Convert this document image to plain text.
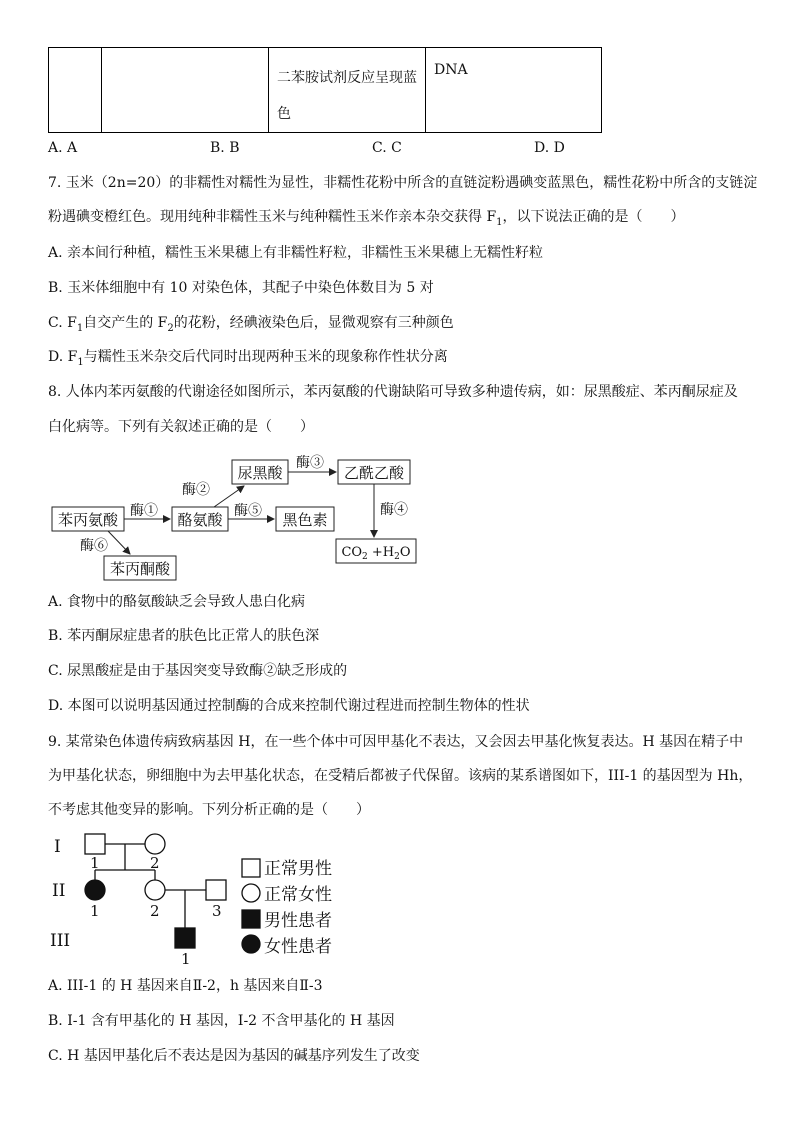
二苯胺试剂反应呈现蓝
色

DNA
A. A	B. B	C. C	D. D
7. 玉米（2n=20）的非糯性对糯性为显性，非糯性花粉中所含的直链淀粉遇碘变蓝黑色，糯性花粉中所含的支链淀
粉遇碘变橙红色。现用纯种非糯性玉米与纯种糯性玉米作亲本杂交获得 $F_1$，以下说法正确的是（　　）
A. 亲本间行种植，糯性玉米果穗上有非糯性籽粒，非糯性玉米果穗上无糯性籽粒
B. 玉米体细胞中有 10 对染色体，其配子中染色体数目为 5 对
C. $F_1$自交产生的 $F_2$的花粉，经碘液染色后，显微观察有三种颜色
D. $F_1$与糯性玉米杂交后代同时出现两种玉米的现象称作性状分离
8. 人体内苯丙氨酸的代谢途径如图所示，苯丙氨酸的代谢缺陷可导致多种遗传病，如：尿黑酸症、苯丙酮尿症及
白化病等。下列有关叙述正确的是（　　）
苯丙氨酸	酪氨酸
尿黑酸	乙酰乙酸
黑色素
苯丙酮酸
$CO_2 +H_2O$
酶①
酶②
酶③
酶④
酶⑤
酶⑥
A. 食物中的酪氨酸缺乏会导致人患白化病
B. 苯丙酮尿症患者的肤色比正常人的肤色深
C. 尿黑酸症是由于基因突变导致酶②缺乏形成的
D. 本图可以说明基因通过控制酶的合成来控制代谢过程进而控制生物体的性状
9. 某常染色体遗传病致病基因 H，在一些个体中可因甲基化不表达，又会因去甲基化恢复表达。H 基因在精子中
为甲基化状态，卵细胞中为去甲基化状态，在受精后都被子代保留。该病的某系谱图如下，III-1 的基因型为 Hh，
不考虑其他变异的影响。下列分析正确的是（　　）
I
II
III
1	2
1	2	3
1
正常男性
正常女性
男性患者
女性患者
A. III-1 的 H 基因来自Ⅱ-2，h 基因来自Ⅱ-3
B. I-1 含有甲基化的 H 基因，I-2 不含甲基化的 H 基因
C. H 基因甲基化后不表达是因为基因的碱基序列发生了改变
